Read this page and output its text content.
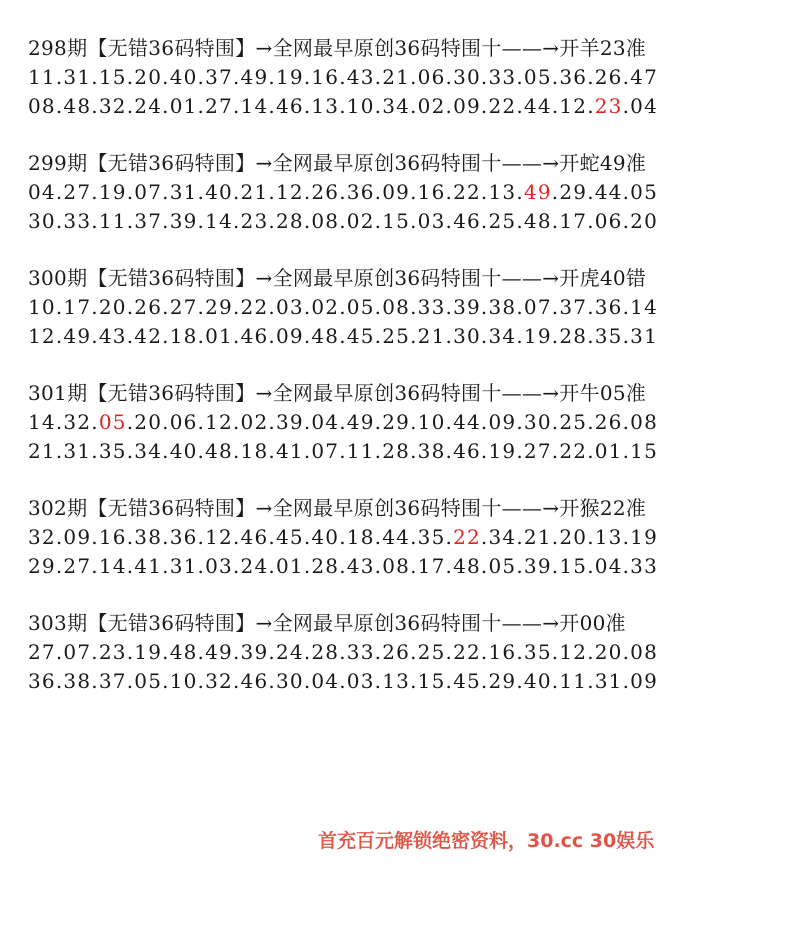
298期【无错36码特围】→全网最早原创36码特围十——→开羊23准
11.31.15.20.40.37.49.19.16.43.21.06.30.33.05.36.26.47
08.48.32.24.01.27.14.46.13.10.34.02.09.22.44.12.23.04
299期【无错36码特围】→全网最早原创36码特围十——→开蛇49准
04.27.19.07.31.40.21.12.26.36.09.16.22.13.49.29.44.05
30.33.11.37.39.14.23.28.08.02.15.03.46.25.48.17.06.20
300期【无错36码特围】→全网最早原创36码特围十——→开虎40错
10.17.20.26.27.29.22.03.02.05.08.33.39.38.07.37.36.14
12.49.43.42.18.01.46.09.48.45.25.21.30.34.19.28.35.31
301期【无错36码特围】→全网最早原创36码特围十——→开牛05准
14.32.05.20.06.12.02.39.04.49.29.10.44.09.30.25.26.08
21.31.35.34.40.48.18.41.07.11.28.38.46.19.27.22.01.15
302期【无错36码特围】→全网最早原创36码特围十——→开猴22准
32.09.16.38.36.12.46.45.40.18.44.35.22.34.21.20.13.19
29.27.14.41.31.03.24.01.28.43.08.17.48.05.39.15.04.33
303期【无错36码特围】→全网最早原创36码特围十——→开00准
27.07.23.19.48.49.39.24.28.33.26.25.22.16.35.12.20.08
36.38.37.05.10.32.46.30.04.03.13.15.45.29.40.11.31.09
首充百元解锁绝密资料，30.cc 30娱乐
